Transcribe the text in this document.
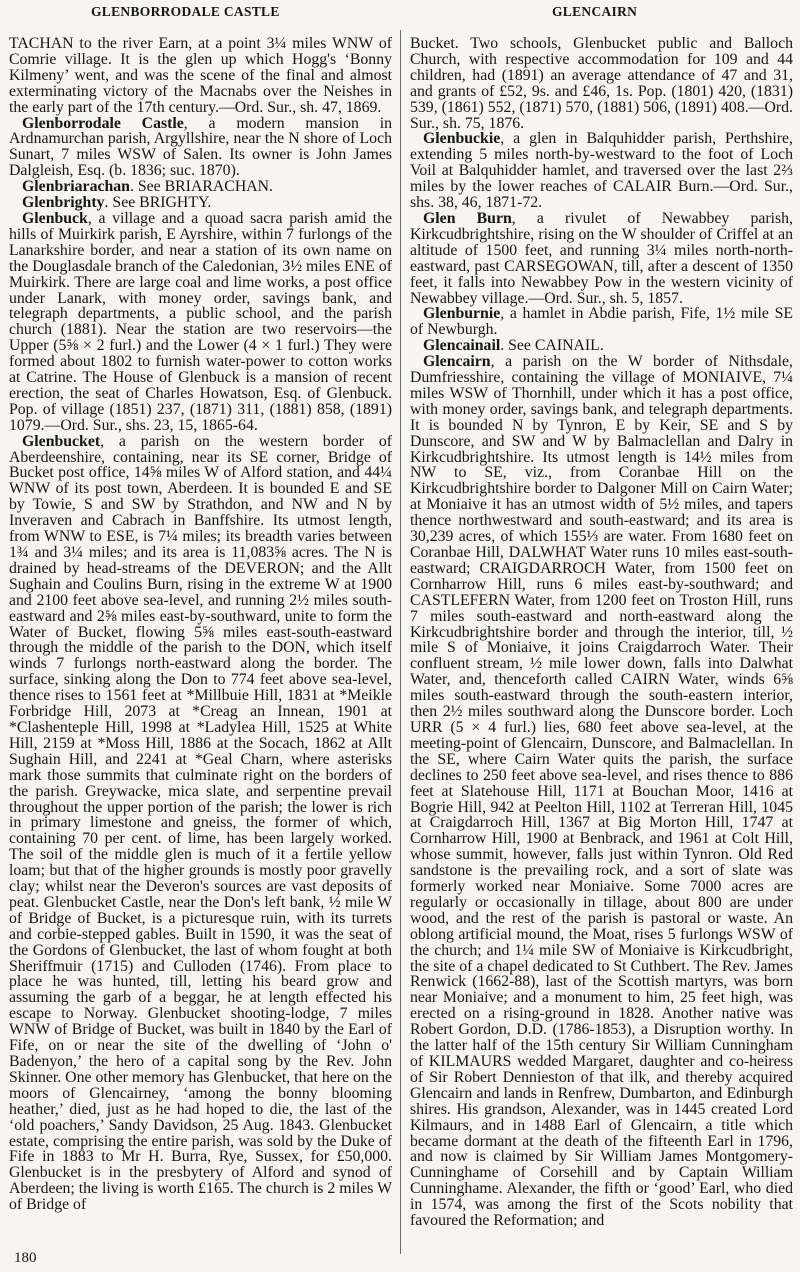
GLENBORRODALE CASTLE	GLENCAIRN

TACHAN to the river Earn, at a point 3¼ miles WNW of Comrie village. It is the glen up which Hogg's ‘Bonny Kilmeny’ went, and was the scene of the final and almost exterminating victory of the Macnabs over the Neishes in the early part of the 17th century.—Ord. Sur., sh. 47, 1869.

Glenborrodale Castle, a modern mansion in Ardnamurchan parish, Argyllshire, near the N shore of Loch Sunart, 7 miles WSW of Salen. Its owner is John James Dalgleish, Esq. (b. 1836; suc. 1870).

Glenbriarachan. See BRIARACHAN.

Glenbrighty. See BRIGHTY.

Glenbuck, a village and a quoad sacra parish amid the hills of Muirkirk parish, E Ayrshire, within 7 furlongs of the Lanarkshire border, and near a station of its own name on the Douglasdale branch of the Caledonian, 3½ miles ENE of Muirkirk. There are large coal and lime works, a post office under Lanark, with money order, savings bank, and telegraph departments, a public school, and the parish church (1881). Near the station are two reservoirs—the Upper (5⅝ × 2 furl.) and the Lower (4 × 1 furl.) They were formed about 1802 to furnish water-power to cotton works at Catrine. The House of Glenbuck is a mansion of recent erection, the seat of Charles Howatson, Esq. of Glenbuck. Pop. of village (1851) 237, (1871) 311, (1881) 858, (1891) 1079.—Ord. Sur., shs. 23, 15, 1865-64.

Glenbucket, a parish on the western border of Aberdeenshire, containing, near its SE corner, Bridge of Bucket post office, 14⅝ miles W of Alford station, and 44¼ WNW of its post town, Aberdeen. It is bounded E and SE by Towie, S and SW by Strathdon, and NW and N by Inveraven and Cabrach in Banffshire. Its utmost length, from WNW to ESE, is 7¼ miles; its breadth varies between 1¾ and 3¼ miles; and its area is 11,083⅝ acres. The N is drained by head-streams of the DEVERON; and the Allt Sughain and Coulins Burn, rising in the extreme W at 1900 and 2100 feet above sea-level, and running 2½ miles south-eastward and 2⅝ miles east-by-southward, unite to form the Water of Bucket, flowing 5⅝ miles east-south-eastward through the middle of the parish to the DON, which itself winds 7 furlongs north-eastward along the border. The surface, sinking along the Don to 774 feet above sea-level, thence rises to 1561 feet at *Millbuie Hill, 1831 at *Meikle Forbridge Hill, 2073 at *Creag an Innean, 1901 at *Clashenteple Hill, 1998 at *Ladylea Hill, 1525 at White Hill, 2159 at *Moss Hill, 1886 at the Socach, 1862 at Allt Sughain Hill, and 2241 at *Geal Charn, where asterisks mark those summits that culminate right on the borders of the parish. Greywacke, mica slate, and serpentine prevail throughout the upper portion of the parish; the lower is rich in primary limestone and gneiss, the former of which, containing 70 per cent. of lime, has been largely worked. The soil of the middle glen is much of it a fertile yellow loam; but that of the higher grounds is mostly poor gravelly clay; whilst near the Deveron's sources are vast deposits of peat. Glenbucket Castle, near the Don's left bank, ½ mile W of Bridge of Bucket, is a picturesque ruin, with its turrets and corbie-stepped gables. Built in 1590, it was the seat of the Gordons of Glenbucket, the last of whom fought at both Sheriffmuir (1715) and Culloden (1746). From place to place he was hunted, till, letting his beard grow and assuming the garb of a beggar, he at length effected his escape to Norway. Glenbucket shooting-lodge, 7 miles WNW of Bridge of Bucket, was built in 1840 by the Earl of Fife, on or near the site of the dwelling of ‘John o' Badenyon,’ the hero of a capital song by the Rev. John Skinner. One other memory has Glenbucket, that here on the moors of Glencairney, ‘among the bonny blooming heather,’ died, just as he had hoped to die, the last of the ‘old poachers,’ Sandy Davidson, 25 Aug. 1843. Glenbucket estate, comprising the entire parish, was sold by the Duke of Fife in 1883 to Mr H. Burra, Rye, Sussex, for £50,000. Glenbucket is in the presbytery of Alford and synod of Aberdeen; the living is worth £165. The church is 2 miles W of Bridge of

Bucket. Two schools, Glenbucket public and Balloch Church, with respective accommodation for 109 and 44 children, had (1891) an average attendance of 47 and 31, and grants of £52, 9s. and £46, 1s. Pop. (1801) 420, (1831) 539, (1861) 552, (1871) 570, (1881) 506, (1891) 408.—Ord. Sur., sh. 75, 1876.

Glenbuckie, a glen in Balquhidder parish, Perthshire, extending 5 miles north-by-westward to the foot of Loch Voil at Balquhidder hamlet, and traversed over the last 2⅔ miles by the lower reaches of CALAIR Burn.—Ord. Sur., shs. 38, 46, 1871-72.

Glen Burn, a rivulet of Newabbey parish, Kirkcudbrightshire, rising on the W shoulder of Criffel at an altitude of 1500 feet, and running 3¼ miles north-north-eastward, past CARSEGOWAN, till, after a descent of 1350 feet, it falls into Newabbey Pow in the western vicinity of Newabbey village.—Ord. Sur., sh. 5, 1857.

Glenburnie, a hamlet in Abdie parish, Fife, 1½ mile SE of Newburgh.

Glencainail. See CAINAIL.

Glencairn, a parish on the W border of Nithsdale, Dumfriesshire, containing the village of MONIAIVE, 7¼ miles WSW of Thornhill, under which it has a post office, with money order, savings bank, and telegraph departments. It is bounded N by Tynron, E by Keir, SE and S by Dunscore, and SW and W by Balmaclellan and Dalry in Kirkcudbrightshire. Its utmost length is 14½ miles from NW to SE, viz., from Coranbae Hill on the Kirkcudbrightshire border to Dalgoner Mill on Cairn Water; at Moniaive it has an utmost width of 5½ miles, and tapers thence northwestward and south-eastward; and its area is 30,239 acres, of which 155⅓ are water. From 1680 feet on Coranbae Hill, DALWHAT Water runs 10 miles east-south-eastward; CRAIGDARROCH Water, from 1500 feet on Cornharrow Hill, runs 6 miles east-by-southward; and CASTLEFERN Water, from 1200 feet on Troston Hill, runs 7 miles south-eastward and north-eastward along the Kirkcudbrightshire border and through the interior, till, ½ mile S of Moniaive, it joins Craigdarroch Water. Their confluent stream, ½ mile lower down, falls into Dalwhat Water, and, thenceforth called CAIRN Water, winds 6⅝ miles south-eastward through the south-eastern interior, then 2½ miles southward along the Dunscore border. Loch URR (5 × 4 furl.) lies, 680 feet above sea-level, at the meeting-point of Glencairn, Dunscore, and Balmaclellan. In the SE, where Cairn Water quits the parish, the surface declines to 250 feet above sea-level, and rises thence to 886 feet at Slatehouse Hill, 1171 at Bouchan Moor, 1416 at Bogrie Hill, 942 at Peelton Hill, 1102 at Terreran Hill, 1045 at Craigdarroch Hill, 1367 at Big Morton Hill, 1747 at Cornharrow Hill, 1900 at Benbrack, and 1961 at Colt Hill, whose summit, however, falls just within Tynron. Old Red sandstone is the prevailing rock, and a sort of slate was formerly worked near Moniaive. Some 7000 acres are regularly or occasionally in tillage, about 800 are under wood, and the rest of the parish is pastoral or waste. An oblong artificial mound, the Moat, rises 5 furlongs WSW of the church; and 1¼ mile SW of Moniaive is Kirkcudbright, the site of a chapel dedicated to St Cuthbert. The Rev. James Renwick (1662-88), last of the Scottish martyrs, was born near Moniaive; and a monument to him, 25 feet high, was erected on a rising-ground in 1828. Another native was Robert Gordon, D.D. (1786-1853), a Disruption worthy. In the latter half of the 15th century Sir William Cunningham of KILMAURS wedded Margaret, daughter and co-heiress of Sir Robert Dennieston of that ilk, and thereby acquired Glencairn and lands in Renfrew, Dumbarton, and Edinburgh shires. His grandson, Alexander, was in 1445 created Lord Kilmaurs, and in 1488 Earl of Glencairn, a title which became dormant at the death of the fifteenth Earl in 1796, and now is claimed by Sir William James Montgomery-Cunninghame of Corsehill and by Captain William Cunninghame. Alexander, the fifth or ‘good’ Earl, who died in 1574, was among the first of the Scots nobility that favoured the Reformation; and

180
